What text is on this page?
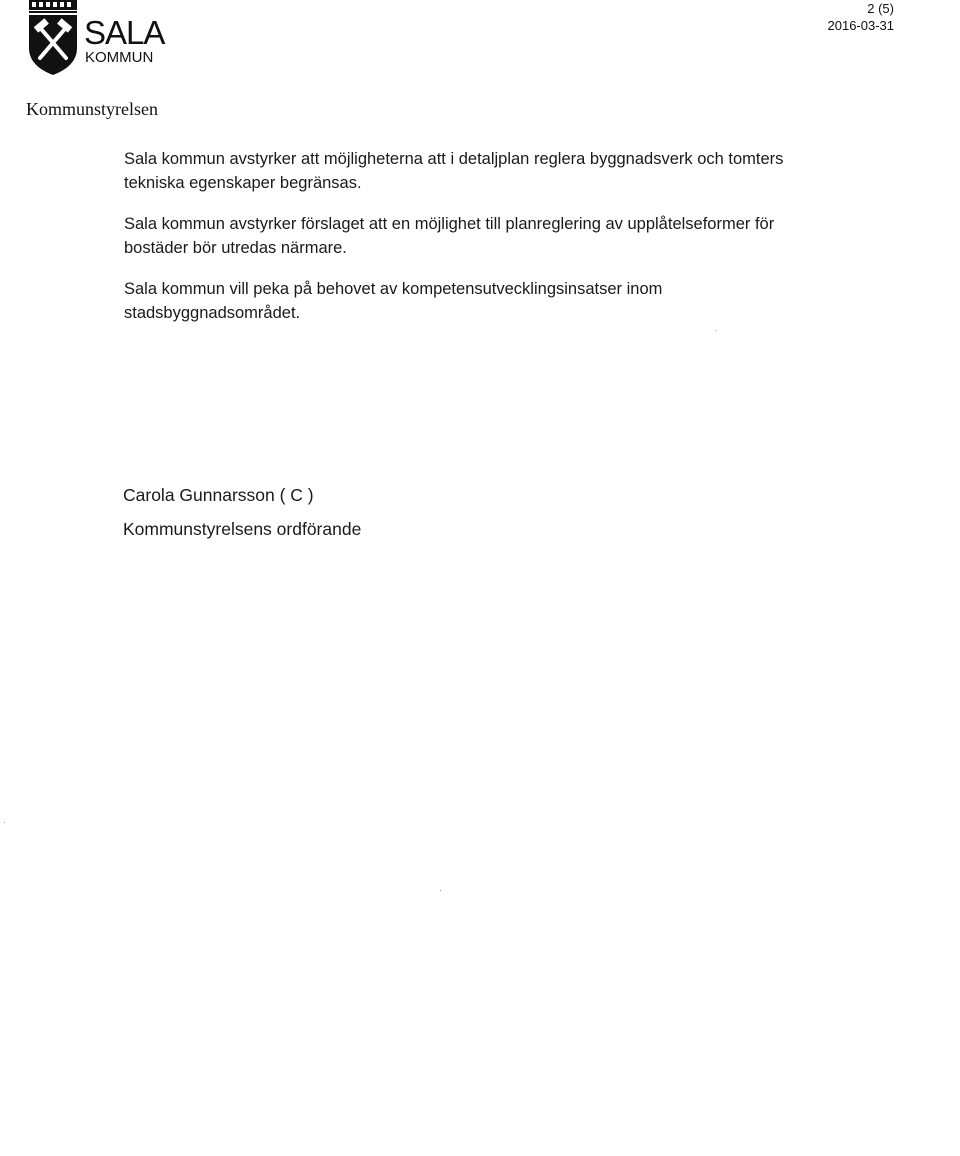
SALA
KOMMUN
2 (5)
2016-03-31
Kommunstyrelsen

Sala kommun avstyrker att möjligheterna att i detaljplan reglera byggnadsverk och tomters tekniska egenskaper begränsas.

Sala kommun avstyrker förslaget att en möjlighet till planreglering av upplåtelseformer för bostäder bör utredas närmare.

Sala kommun vill peka på behovet av kompetensutvecklingsinsatser inom stadsbyggnadsområdet.

Carola Gunnarsson ( C )
Kommunstyrelsens ordförande
